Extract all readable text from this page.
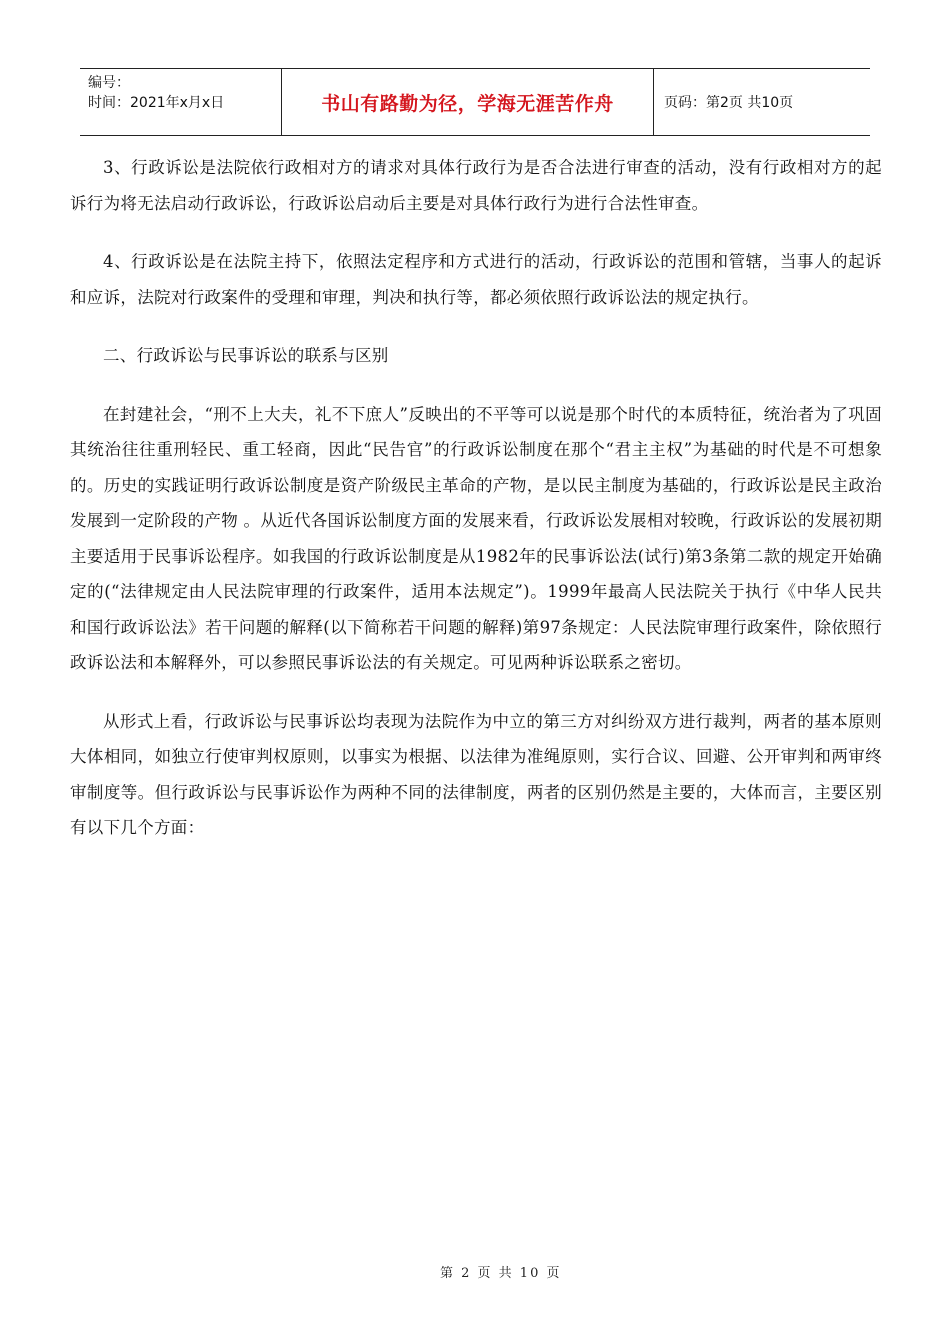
编号：
时间：2021年x月x日	书山有路勤为径，学海无涯苦作舟	页码：第2页 共10页

3、行政诉讼是法院依行政相对方的请求对具体行政行为是否合法进行审查的活动，没有行政相对方的起诉行为将无法启动行政诉讼，行政诉讼启动后主要是对具体行政行为进行合法性审查。

4、行政诉讼是在法院主持下，依照法定程序和方式进行的活动，行政诉讼的范围和管辖，当事人的起诉和应诉，法院对行政案件的受理和审理，判决和执行等，都必须依照行政诉讼法的规定执行。

二、行政诉讼与民事诉讼的联系与区别

在封建社会，“刑不上大夫，礼不下庶人”反映出的不平等可以说是那个时代的本质特征，统治者为了巩固其统治往往重刑轻民、重工轻商，因此“民告官”的行政诉讼制度在那个“君主主权”为基础的时代是不可想象的。历史的实践证明行政诉讼制度是资产阶级民主革命的产物，是以民主制度为基础的，行政诉讼是民主政治发展到一定阶段的产物 。从近代各国诉讼制度方面的发展来看，行政诉讼发展相对较晚，行政诉讼的发展初期主要适用于民事诉讼程序。如我国的行政诉讼制度是从1982年的民事诉讼法(试行)第3条第二款的规定开始确定的(“法律规定由人民法院审理的行政案件，适用本法规定”)。1999年最高人民法院关于执行《中华人民共和国行政诉讼法》若干问题的解释(以下简称若干问题的解释)第97条规定：人民法院审理行政案件，除依照行政诉讼法和本解释外，可以参照民事诉讼法的有关规定。可见两种诉讼联系之密切。

从形式上看，行政诉讼与民事诉讼均表现为法院作为中立的第三方对纠纷双方进行裁判，两者的基本原则大体相同，如独立行使审判权原则，以事实为根据、以法律为准绳原则，实行合议、回避、公开审判和两审终审制度等。但行政诉讼与民事诉讼作为两种不同的法律制度，两者的区别仍然是主要的，大体而言，主要区别有以下几个方面：

第 2 页 共 10 页
